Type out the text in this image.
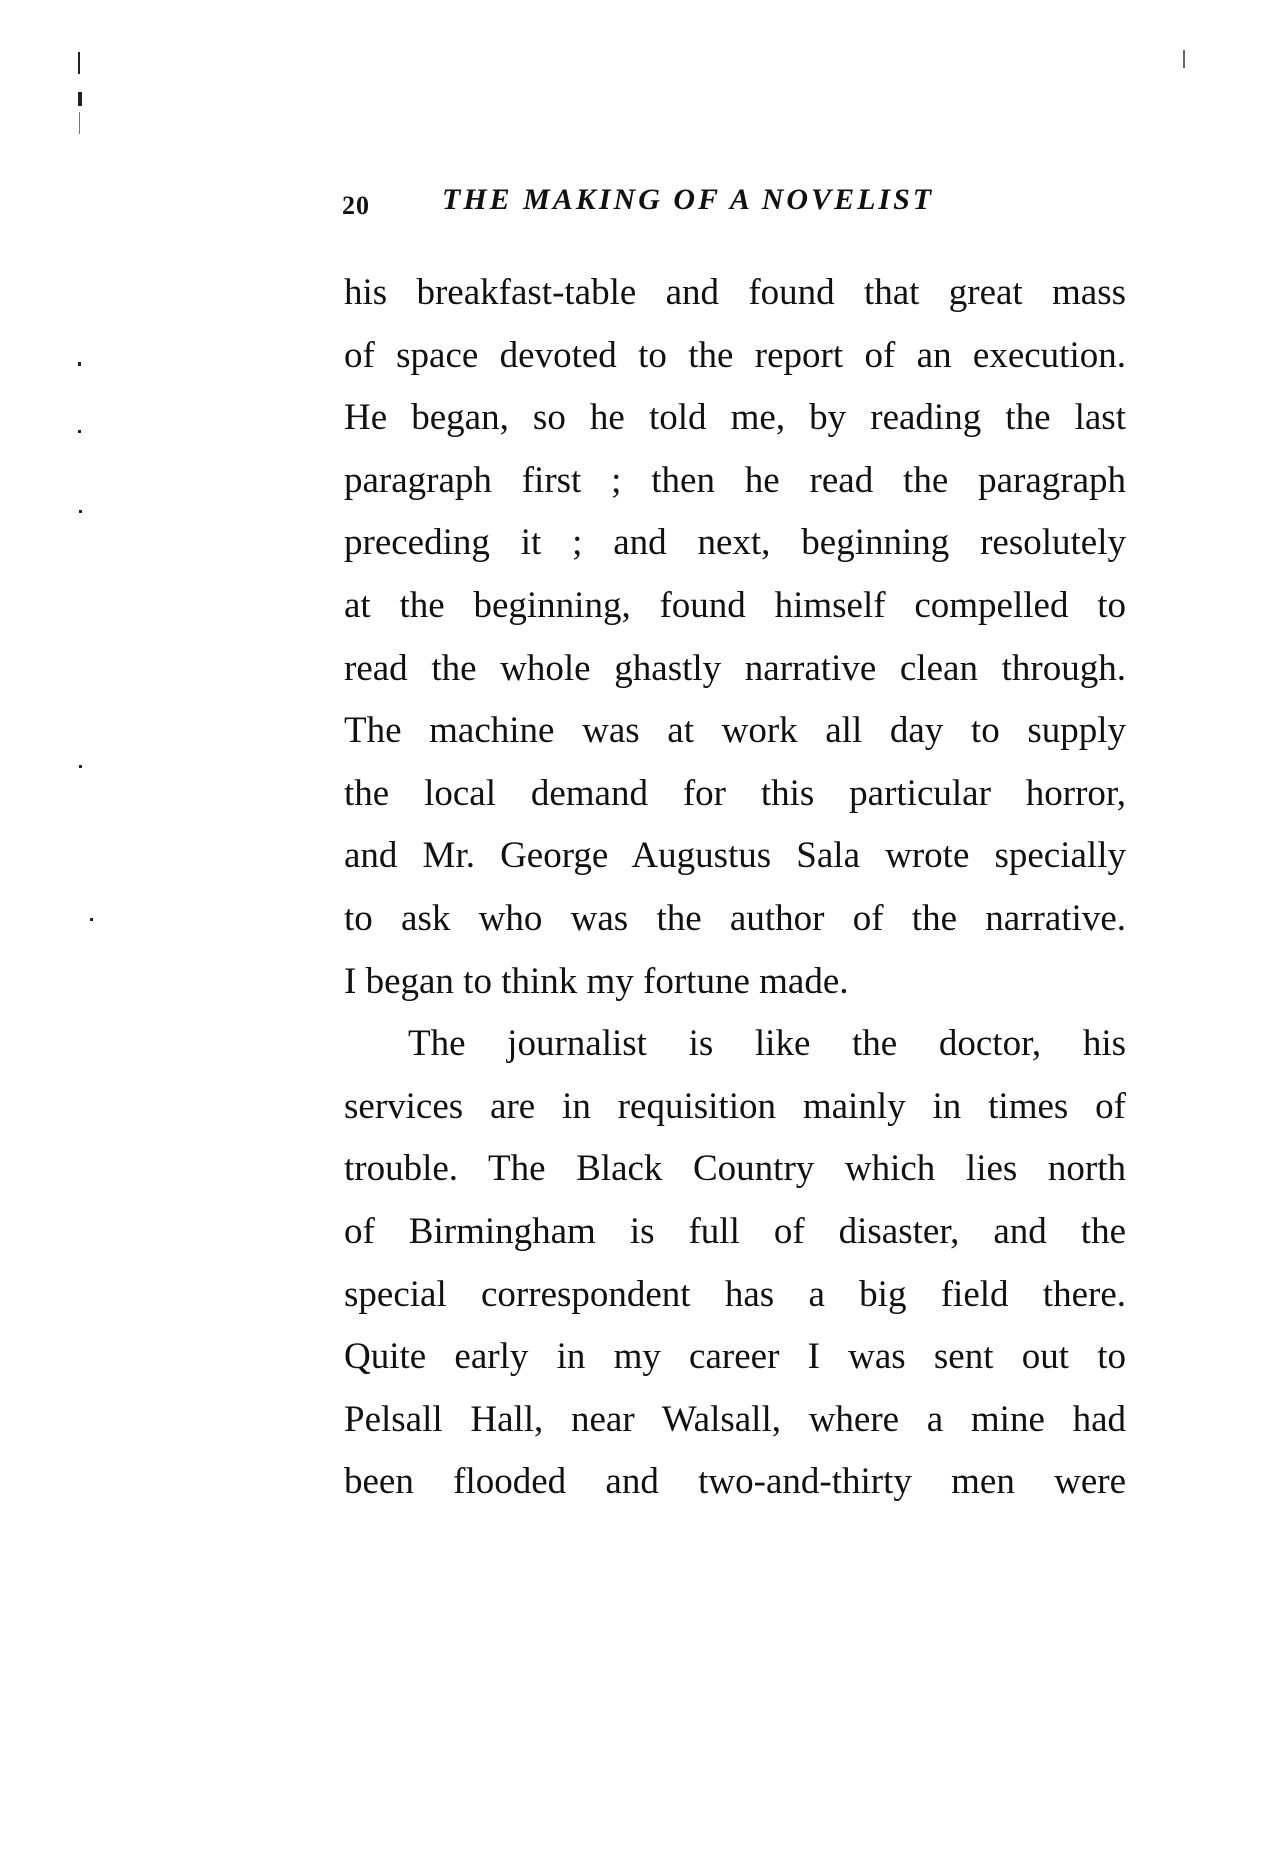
20 THE MAKING OF A NOVELIST
his breakfast-table and found that great mass
of space devoted to the report of an execution.
He began, so he told me, by reading the last
paragraph first ; then he read the paragraph
preceding it ; and next, beginning resolutely
at the beginning, found himself compelled to
read the whole ghastly narrative clean through.
The machine was at work all day to supply
the local demand for this particular horror,
and Mr. George Augustus Sala wrote specially
to ask who was the author of the narrative.
I began to think my fortune made.
The journalist is like the doctor, his
services are in requisition mainly in times of
trouble. The Black Country which lies north
of Birmingham is full of disaster, and the
special correspondent has a big field there.
Quite early in my career I was sent out to
Pelsall Hall, near Walsall, where a mine had
been flooded and two-and-thirty men were
